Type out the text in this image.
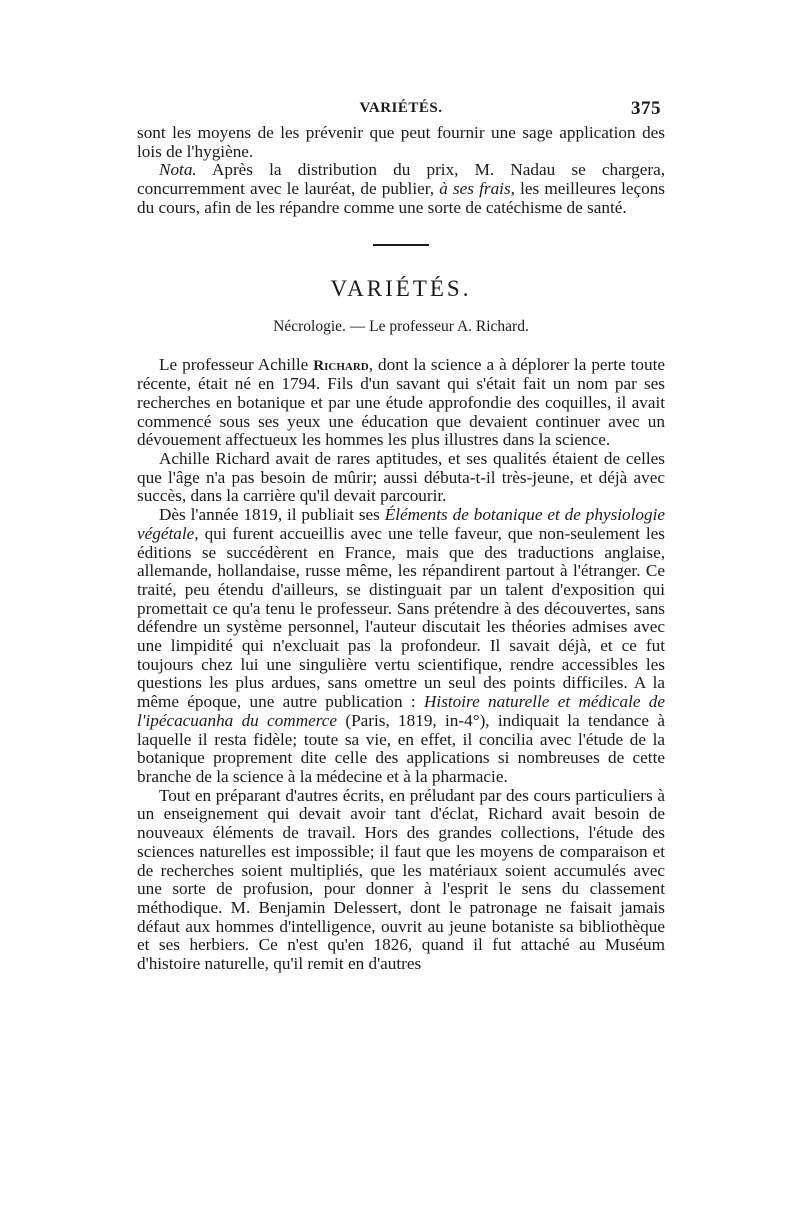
VARIÉTÉS.	375

sont les moyens de les prévenir que peut fournir une sage application des lois de l'hygiène.

Nota. Après la distribution du prix, M. Nadau se chargera, concurremment avec le lauréat, de publier, à ses frais, les meilleures leçons du cours, afin de les répandre comme une sorte de catéchisme de santé.

VARIÉTÉS.
Nécrologie. — Le professeur A. Richard.

Le professeur Achille Richard, dont la science a à déplorer la perte toute récente, était né en 1794. Fils d'un savant qui s'était fait un nom par ses recherches en botanique et par une étude approfondie des coquilles, il avait commencé sous ses yeux une éducation que devaient continuer avec un dévouement affectueux les hommes les plus illustres dans la science.

Achille Richard avait de rares aptitudes, et ses qualités étaient de celles que l'âge n'a pas besoin de mûrir; aussi débuta-t-il très-jeune, et déjà avec succès, dans la carrière qu'il devait parcourir.

Dès l'année 1819, il publiait ses Éléments de botanique et de physiologie végétale, qui furent accueillis avec une telle faveur, que non-seulement les éditions se succédèrent en France, mais que des traductions anglaise, allemande, hollandaise, russe même, les répandirent partout à l'étranger. Ce traité, peu étendu d'ailleurs, se distinguait par un talent d'exposition qui promettait ce qu'a tenu le professeur. Sans prétendre à des découvertes, sans défendre un système personnel, l'auteur discutait les théories admises avec une limpidité qui n'excluait pas la profondeur. Il savait déjà, et ce fut toujours chez lui une singulière vertu scientifique, rendre accessibles les questions les plus ardues, sans omettre un seul des points difficiles. A la même époque, une autre publication : Histoire naturelle et médicale de l'ipécacuanha du commerce (Paris, 1819, in-4°), indiquait la tendance à laquelle il resta fidèle; toute sa vie, en effet, il concilia avec l'étude de la botanique proprement dite celle des applications si nombreuses de cette branche de la science à la médecine et à la pharmacie.

Tout en préparant d'autres écrits, en préludant par des cours particuliers à un enseignement qui devait avoir tant d'éclat, Richard avait besoin de nouveaux éléments de travail. Hors des grandes collections, l'étude des sciences naturelles est impossible; il faut que les moyens de comparaison et de recherches soient multipliés, que les matériaux soient accumulés avec une sorte de profusion, pour donner à l'esprit le sens du classement méthodique. M. Benjamin Delessert, dont le patronage ne faisait jamais défaut aux hommes d'intelligence, ouvrit au jeune botaniste sa bibliothèque et ses herbiers. Ce n'est qu'en 1826, quand il fut attaché au Muséum d'histoire naturelle, qu'il remit en d'autres
